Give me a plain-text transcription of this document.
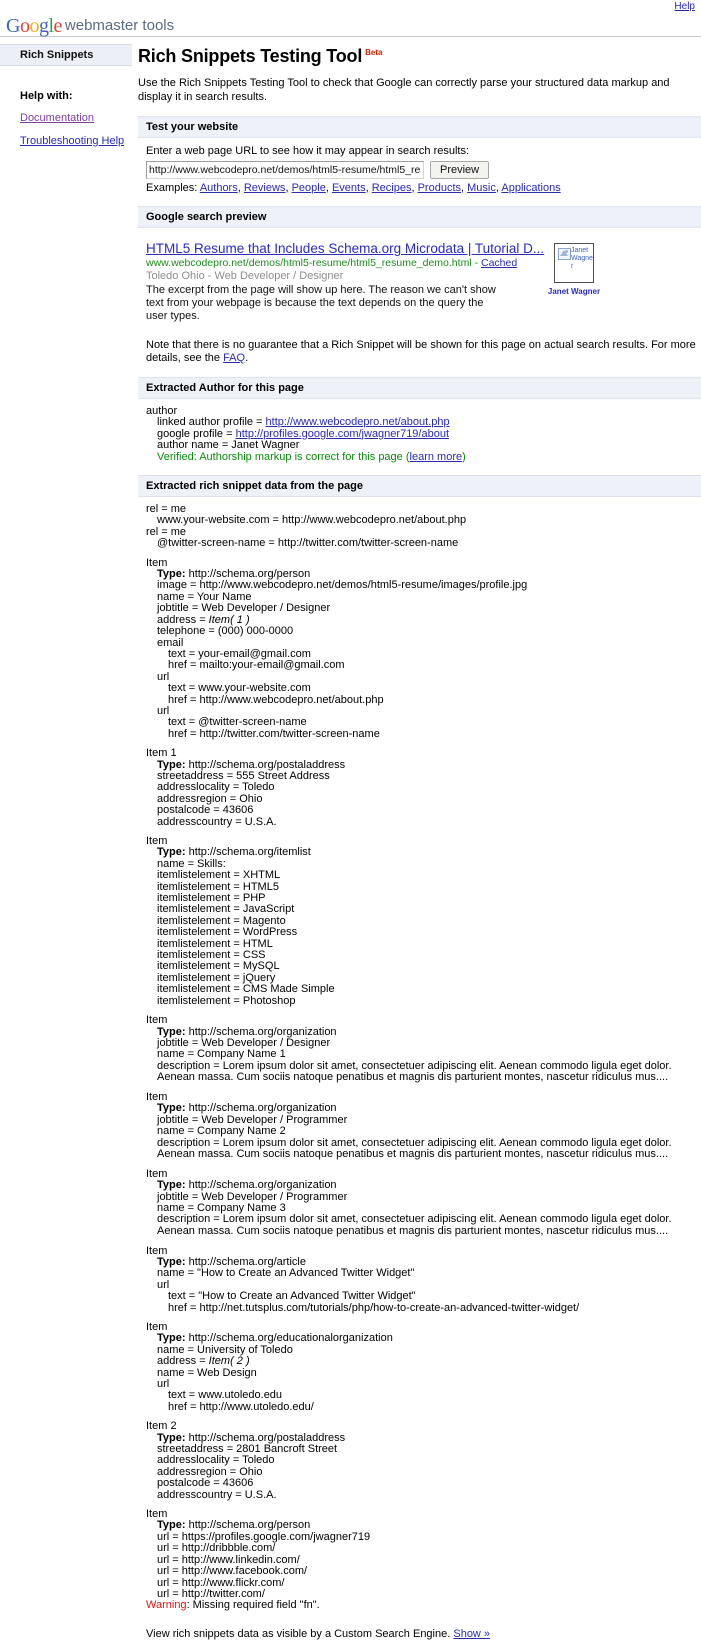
Help
Google webmaster tools
Rich Snippets
Help with:
Documentation
Troubleshooting Help
Rich Snippets Testing Tool $^{Beta}$

Use the Rich Snippets Testing Tool to check that Google can correctly parse your structured data markup and display it in search results.

Test your website
Enter a web page URL to see how it may appear in search results:
http://www.webcodepro.net/demos/html5-resume/html5_resume_
Preview
Examples: Authors, Reviews, People, Events, Recipes, Products, Music, Applications
Google search preview
HTML5 Resume that Includes Schema.org Microdata | Tutorial D...
www.webcodepro.net/demos/html5-resume/html5_resume_demo.html - Cached
Toledo Ohio - Web Developer / Designer
The excerpt from the page will show up here. The reason we can't show text from your webpage is because the text depends on the query the user types.
Janet Wagner
Janet Wagner
Note that there is no guarantee that a Rich Snippet will be shown for this page on actual search results. For more details, see the FAQ.
Extracted Author for this page
author
linked author profile = http://www.webcodepro.net/about.php
google profile = http://profiles.google.com/jwagner719/about
author name = Janet Wagner
Verified: Authorship markup is correct for this page (learn more)
Extracted rich snippet data from the page
rel = me
www.your-website.com = http://www.webcodepro.net/about.php
rel = me
@twitter-screen-name = http://twitter.com/twitter-screen-name
Item
Type: http://schema.org/person
image = http://www.webcodepro.net/demos/html5-resume/images/profile.jpg
name = Your Name
jobtitle = Web Developer / Designer
address = Item( 1 )
telephone = (000) 000-0000
email
text = your-email@gmail.com
href = mailto:your-email@gmail.com
url
text = www.your-website.com
href = http://www.webcodepro.net/about.php
url
text = @twitter-screen-name
href = http://twitter.com/twitter-screen-name
Item 1
Type: http://schema.org/postaladdress
streetaddress = 555 Street Address
addresslocality = Toledo
addressregion = Ohio
postalcode = 43606
addresscountry = U.S.A.
Item
Type: http://schema.org/itemlist
name = Skills:
itemlistelement = XHTML
itemlistelement = HTML5
itemlistelement = PHP
itemlistelement = JavaScript
itemlistelement = Magento
itemlistelement = WordPress
itemlistelement = HTML
itemlistelement = CSS
itemlistelement = MySQL
itemlistelement = jQuery
itemlistelement = CMS Made Simple
itemlistelement = Photoshop
Item
Type: http://schema.org/organization
jobtitle = Web Developer / Designer
name = Company Name 1
description = Lorem ipsum dolor sit amet, consectetuer adipiscing elit. Aenean commodo ligula eget dolor. Aenean massa. Cum sociis natoque penatibus et magnis dis parturient montes, nascetur ridiculus mus....
Item
Type: http://schema.org/organization
jobtitle = Web Developer / Programmer
name = Company Name 2
description = Lorem ipsum dolor sit amet, consectetuer adipiscing elit. Aenean commodo ligula eget dolor. Aenean massa. Cum sociis natoque penatibus et magnis dis parturient montes, nascetur ridiculus mus....
Item
Type: http://schema.org/organization
jobtitle = Web Developer / Programmer
name = Company Name 3
description = Lorem ipsum dolor sit amet, consectetuer adipiscing elit. Aenean commodo ligula eget dolor. Aenean massa. Cum sociis natoque penatibus et magnis dis parturient montes, nascetur ridiculus mus....
Item
Type: http://schema.org/article
name = "How to Create an Advanced Twitter Widget"
url
text = "How to Create an Advanced Twitter Widget"
href = http://net.tutsplus.com/tutorials/php/how-to-create-an-advanced-twitter-widget/
Item
Type: http://schema.org/educationalorganization
name = University of Toledo
address = Item( 2 )
name = Web Design
url
text = www.utoledo.edu
href = http://www.utoledo.edu/
Item 2
Type: http://schema.org/postaladdress
streetaddress = 2801 Bancroft Street
addresslocality = Toledo
addressregion = Ohio
postalcode = 43606
addresscountry = U.S.A.
Item
Type: http://schema.org/person
url = https://profiles.google.com/jwagner719
url = http://dribbble.com/
url = http://www.linkedin.com/
url = http://www.facebook.com/
url = http://www.flickr.com/
url = http://twitter.com/
Warning: Missing required field "fn".
View rich snippets data as visible by a Custom Search Engine. Show »
